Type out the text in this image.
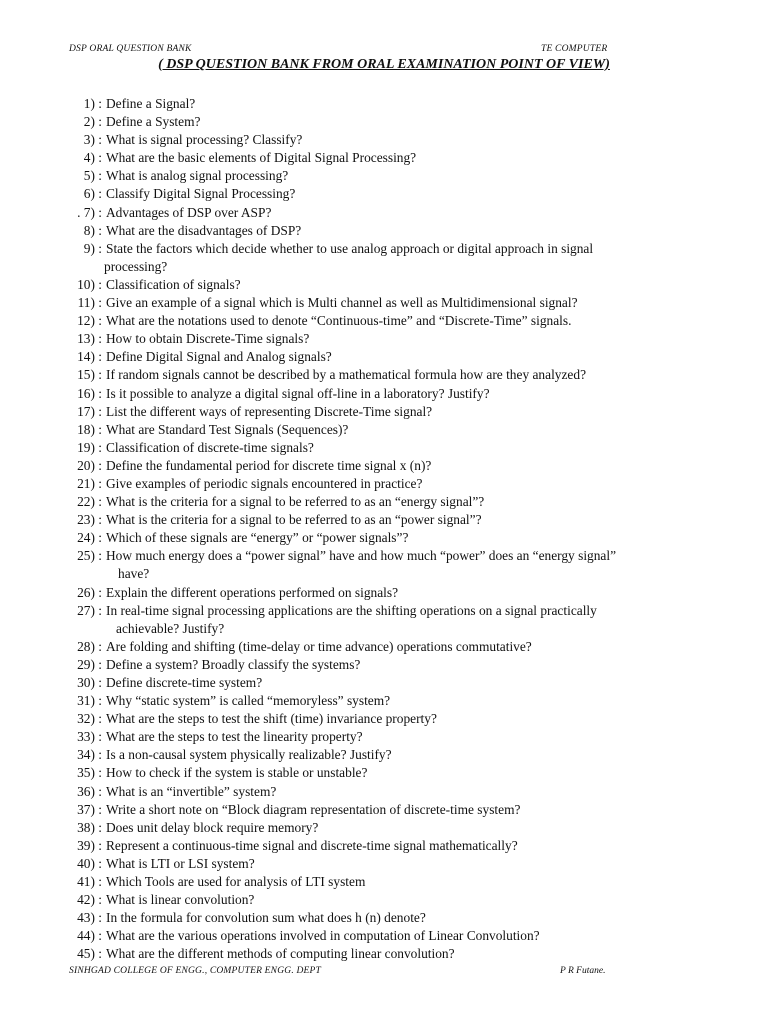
DSP ORAL QUESTION BANK	TE COMPUTER
( DSP QUESTION BANK FROM ORAL EXAMINATION POINT OF VIEW)
1) : Define a Signal?
2) : Define a System?
3) : What is signal processing? Classify?
4) : What are the basic elements of Digital Signal Processing?
5) : What is analog signal processing?
6) : Classify Digital Signal Processing?
. 7) : Advantages of DSP over ASP?
8) : What are the disadvantages of DSP?
9) : State the factors which decide whether to use analog approach or digital approach in signal
processing?
10) : Classification of signals?
11) : Give an example of a signal which is Multi channel as well as Multidimensional signal?
12) : What are the notations used to denote “Continuous-time” and “Discrete-Time” signals.
13) : How to obtain Discrete-Time signals?
14) : Define Digital Signal and Analog signals?
15) : If random signals cannot be described by a mathematical formula how are they analyzed?
16) : Is it possible to analyze a digital signal off-line in a laboratory? Justify?
17) : List the different ways of representing Discrete-Time signal?
18) : What are Standard Test Signals (Sequences)?
19) : Classification of discrete-time signals?
20) : Define the fundamental period for discrete time signal x (n)?
21) : Give examples of periodic signals encountered in practice?
22) : What is the criteria for a signal to be referred to as an “energy signal”?
23) : What is the criteria for a signal to be referred to as an “power signal”?
24) : Which of these signals are “energy” or “power signals”?
25) : How much energy does a “power signal” have and how much “power” does an “energy signal”
have?
26) : Explain the different operations performed on signals?
27) : In real-time signal processing applications are the shifting operations on a signal practically
achievable? Justify?
28) : Are folding and shifting (time-delay or time advance) operations commutative?
29) : Define a system? Broadly classify the systems?
30) : Define discrete-time system?
31) : Why “static system” is called “memoryless” system?
32) : What are the steps to test the shift (time) invariance property?
33) : What are the steps to test the linearity property?
34) : Is a non-causal system physically realizable? Justify?
35) : How to check if the system is stable or unstable?
36) : What is an “invertible” system?
37) : Write a short note on “Block diagram representation of discrete-time system?
38) : Does unit delay block require memory?
39) : Represent a continuous-time signal and discrete-time signal mathematically?
40) : What is LTI or LSI system?
41) : Which Tools are used for analysis of LTI system
42) : What is linear convolution?
43) : In the formula for convolution sum what does h (n) denote?
44) : What are the various operations involved in computation of Linear Convolution?
45) : What are the different methods of computing linear convolution?
SINHGAD COLLEGE OF ENGG., COMPUTER ENGG. DEPT	P R Futane.
